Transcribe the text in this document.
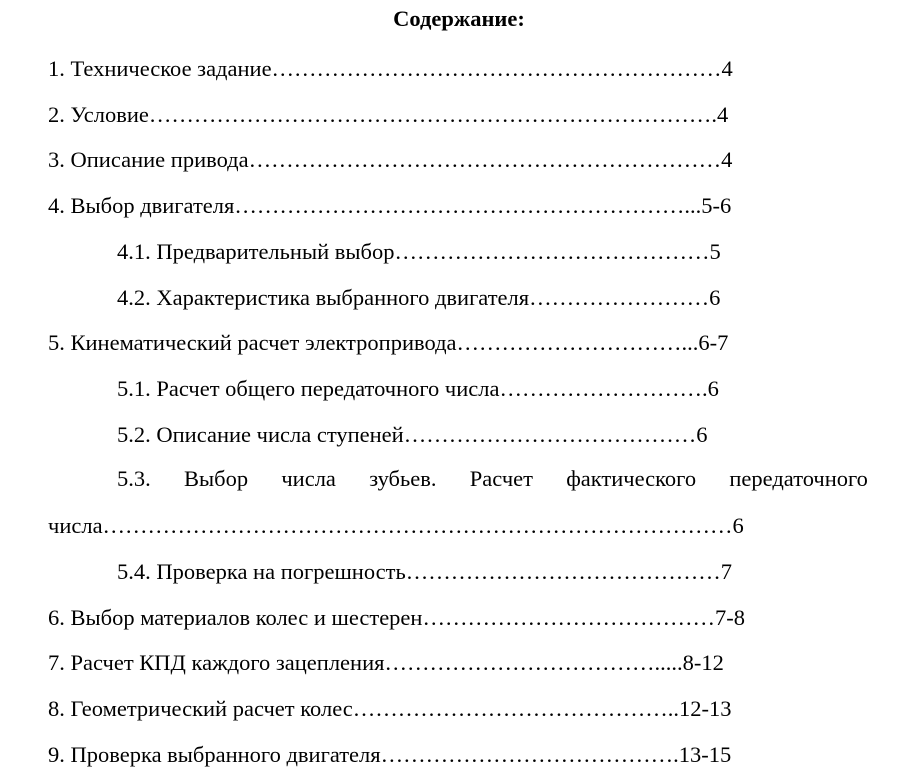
Содержание:
1. Техническое задание……………………………………………………4
2. Условие………………………………………………………………….4
3. Описание привода………………………………………………………4
4. Выбор двигателя……………………………………………………...5-6
4.1. Предварительный выбор……………………………………5
4.2. Характеристика выбранного двигателя……………………6
5. Кинематический расчет электропривода…………………………...6-7
5.1. Расчет общего передаточного числа……………………….6
5.2. Описание числа ступеней…………………………………6
5.3. Выбор числа зубьев. Расчет фактического передаточного
числа…………………………………………………………………………6
5.4. Проверка на погрешность……………………………………7
6. Выбор материалов колес и шестерен…………………………………7-8
7. Расчет КПД каждого зацепления……………………………….....8-12
8. Геометрический расчет колес……………………………………..12-13
9. Проверка выбранного двигателя………………………………….13-15
